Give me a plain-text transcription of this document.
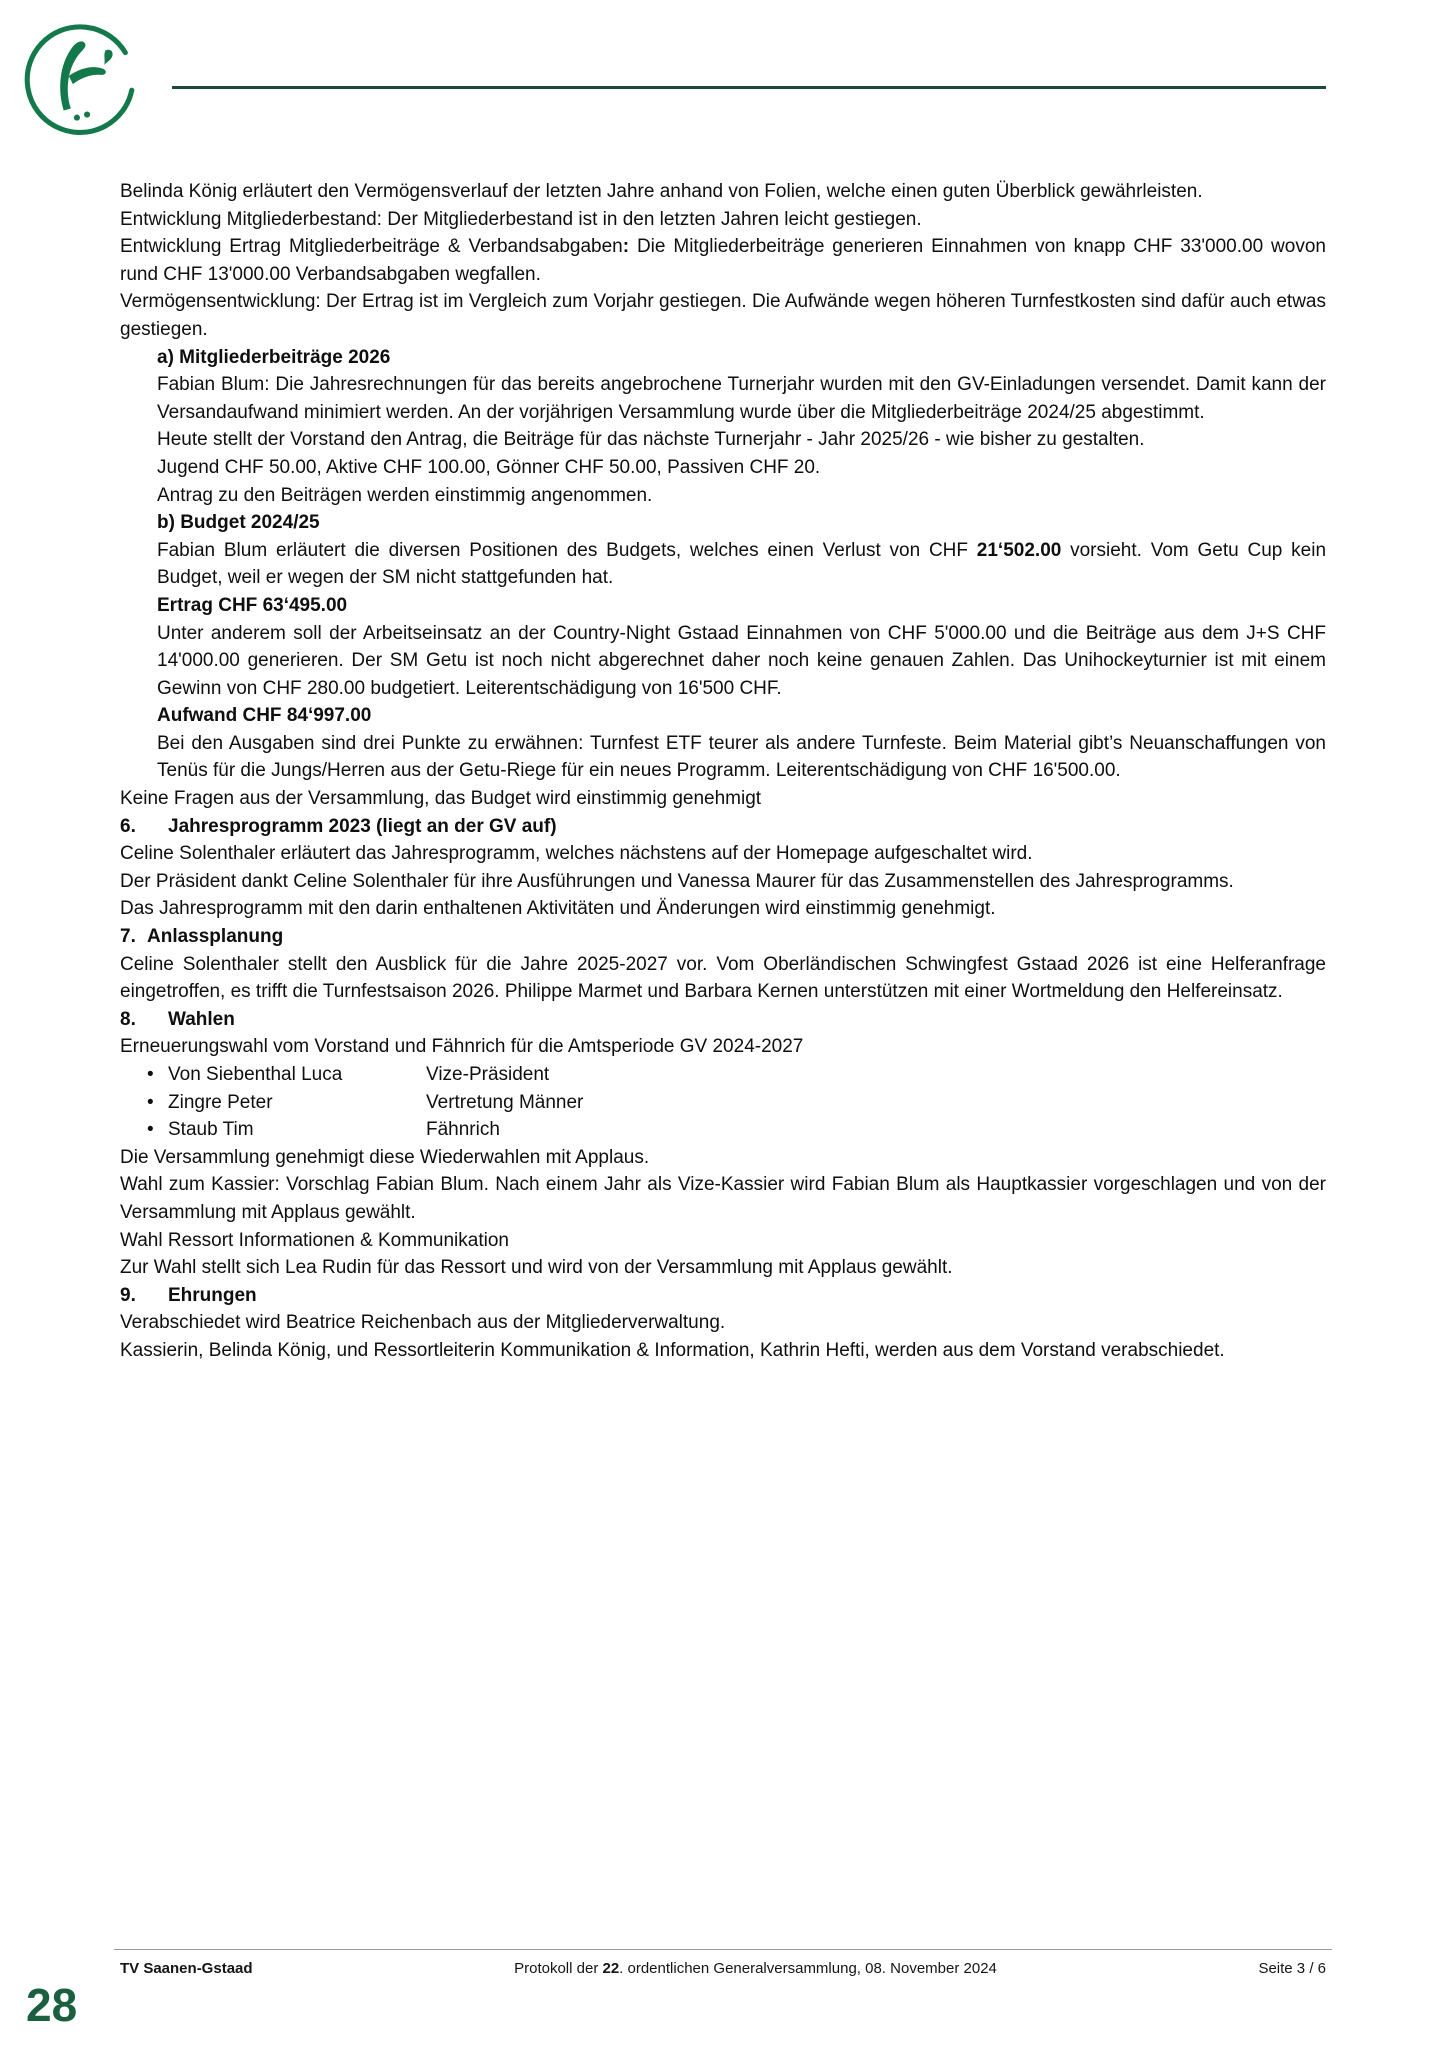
Belinda König erläutert den Vermögensverlauf der letzten Jahre anhand von Folien, welche einen guten Überblick gewährleisten.

Entwicklung Mitgliederbestand: Der Mitgliederbestand ist in den letzten Jahren leicht gestiegen.

Entwicklung Ertrag Mitgliederbeiträge & Verbandsabgaben: Die Mitgliederbeiträge generieren Einnahmen von knapp CHF 33'000.00 wovon rund CHF 13'000.00 Verbandsabgaben wegfallen.

Vermögensentwicklung: Der Ertrag ist im Vergleich zum Vorjahr gestiegen. Die Aufwände wegen höheren Turnfestkosten sind dafür auch etwas gestiegen.

a) Mitgliederbeiträge 2026

Fabian Blum: Die Jahresrechnungen für das bereits angebrochene Turnerjahr wurden mit den GV-Einladungen versendet. Damit kann der Versandaufwand minimiert werden. An der vorjährigen Versammlung wurde über die Mitgliederbeiträge 2024/25 abgestimmt.

Heute stellt der Vorstand den Antrag, die Beiträge für das nächste Turnerjahr - Jahr 2025/26 - wie bisher zu gestalten.

Jugend CHF 50.00, Aktive CHF 100.00, Gönner CHF 50.00, Passiven CHF 20.

Antrag zu den Beiträgen werden einstimmig angenommen.

b) Budget 2024/25

Fabian Blum erläutert die diversen Positionen des Budgets, welches einen Verlust von CHF 21‘502.00 vorsieht. Vom Getu Cup kein Budget, weil er wegen der SM nicht stattgefunden hat.

Ertrag CHF 63‘495.00

Unter anderem soll der Arbeitseinsatz an der Country-Night Gstaad Einnahmen von CHF 5'000.00 und die Beiträge aus dem J+S CHF 14'000.00 generieren. Der SM Getu ist noch nicht abgerechnet daher noch keine genauen Zahlen. Das Unihockeyturnier ist mit einem Gewinn von CHF 280.00 budgetiert. Leiterentschädigung von 16'500 CHF.

Aufwand CHF 84‘997.00

Bei den Ausgaben sind drei Punkte zu erwähnen: Turnfest ETF teurer als andere Turnfeste. Beim Material gibt’s Neuanschaffungen von Tenüs für die Jungs/Herren aus der Getu-Riege für ein neues Programm. Leiterentschädigung von CHF 16'500.00.

Keine Fragen aus der Versammlung, das Budget wird einstimmig genehmigt

6. Jahresprogramm 2023 (liegt an der GV auf)

Celine Solenthaler erläutert das Jahresprogramm, welches nächstens auf der Homepage aufgeschaltet wird.

Der Präsident dankt Celine Solenthaler für ihre Ausführungen und Vanessa Maurer für das Zusammenstellen des Jahresprogramms.

Das Jahresprogramm mit den darin enthaltenen Aktivitäten und Änderungen wird einstimmig genehmigt.

7. Anlassplanung

Celine Solenthaler stellt den Ausblick für die Jahre 2025-2027 vor. Vom Oberländischen Schwingfest Gstaad 2026 ist eine Helferanfrage eingetroffen, es trifft die Turnfestsaison 2026. Philippe Marmet und Barbara Kernen unterstützen mit einer Wortmeldung den Helfereinsatz.

8. Wahlen

Erneuerungswahl vom Vorstand und Fähnrich für die Amtsperiode GV 2024-2027

• Von Siebenthal Luca	Vize-Präsident
• Zingre Peter	Vertretung Männer
• Staub Tim	Fähnrich

Die Versammlung genehmigt diese Wiederwahlen mit Applaus.

Wahl zum Kassier: Vorschlag Fabian Blum. Nach einem Jahr als Vize-Kassier wird Fabian Blum als Hauptkassier vorgeschlagen und von der Versammlung mit Applaus gewählt.

Wahl Ressort Informationen & Kommunikation

Zur Wahl stellt sich Lea Rudin für das Ressort und wird von der Versammlung mit Applaus gewählt.

9. Ehrungen

Verabschiedet wird Beatrice Reichenbach aus der Mitgliederverwaltung.

Kassierin, Belinda König, und Ressortleiterin Kommunikation & Information, Kathrin Hefti, werden aus dem Vorstand verabschiedet.

TV Saanen-Gstaad	Protokoll der 22. ordentlichen Generalversammlung, 08. November 2024	Seite 3 / 6
28
